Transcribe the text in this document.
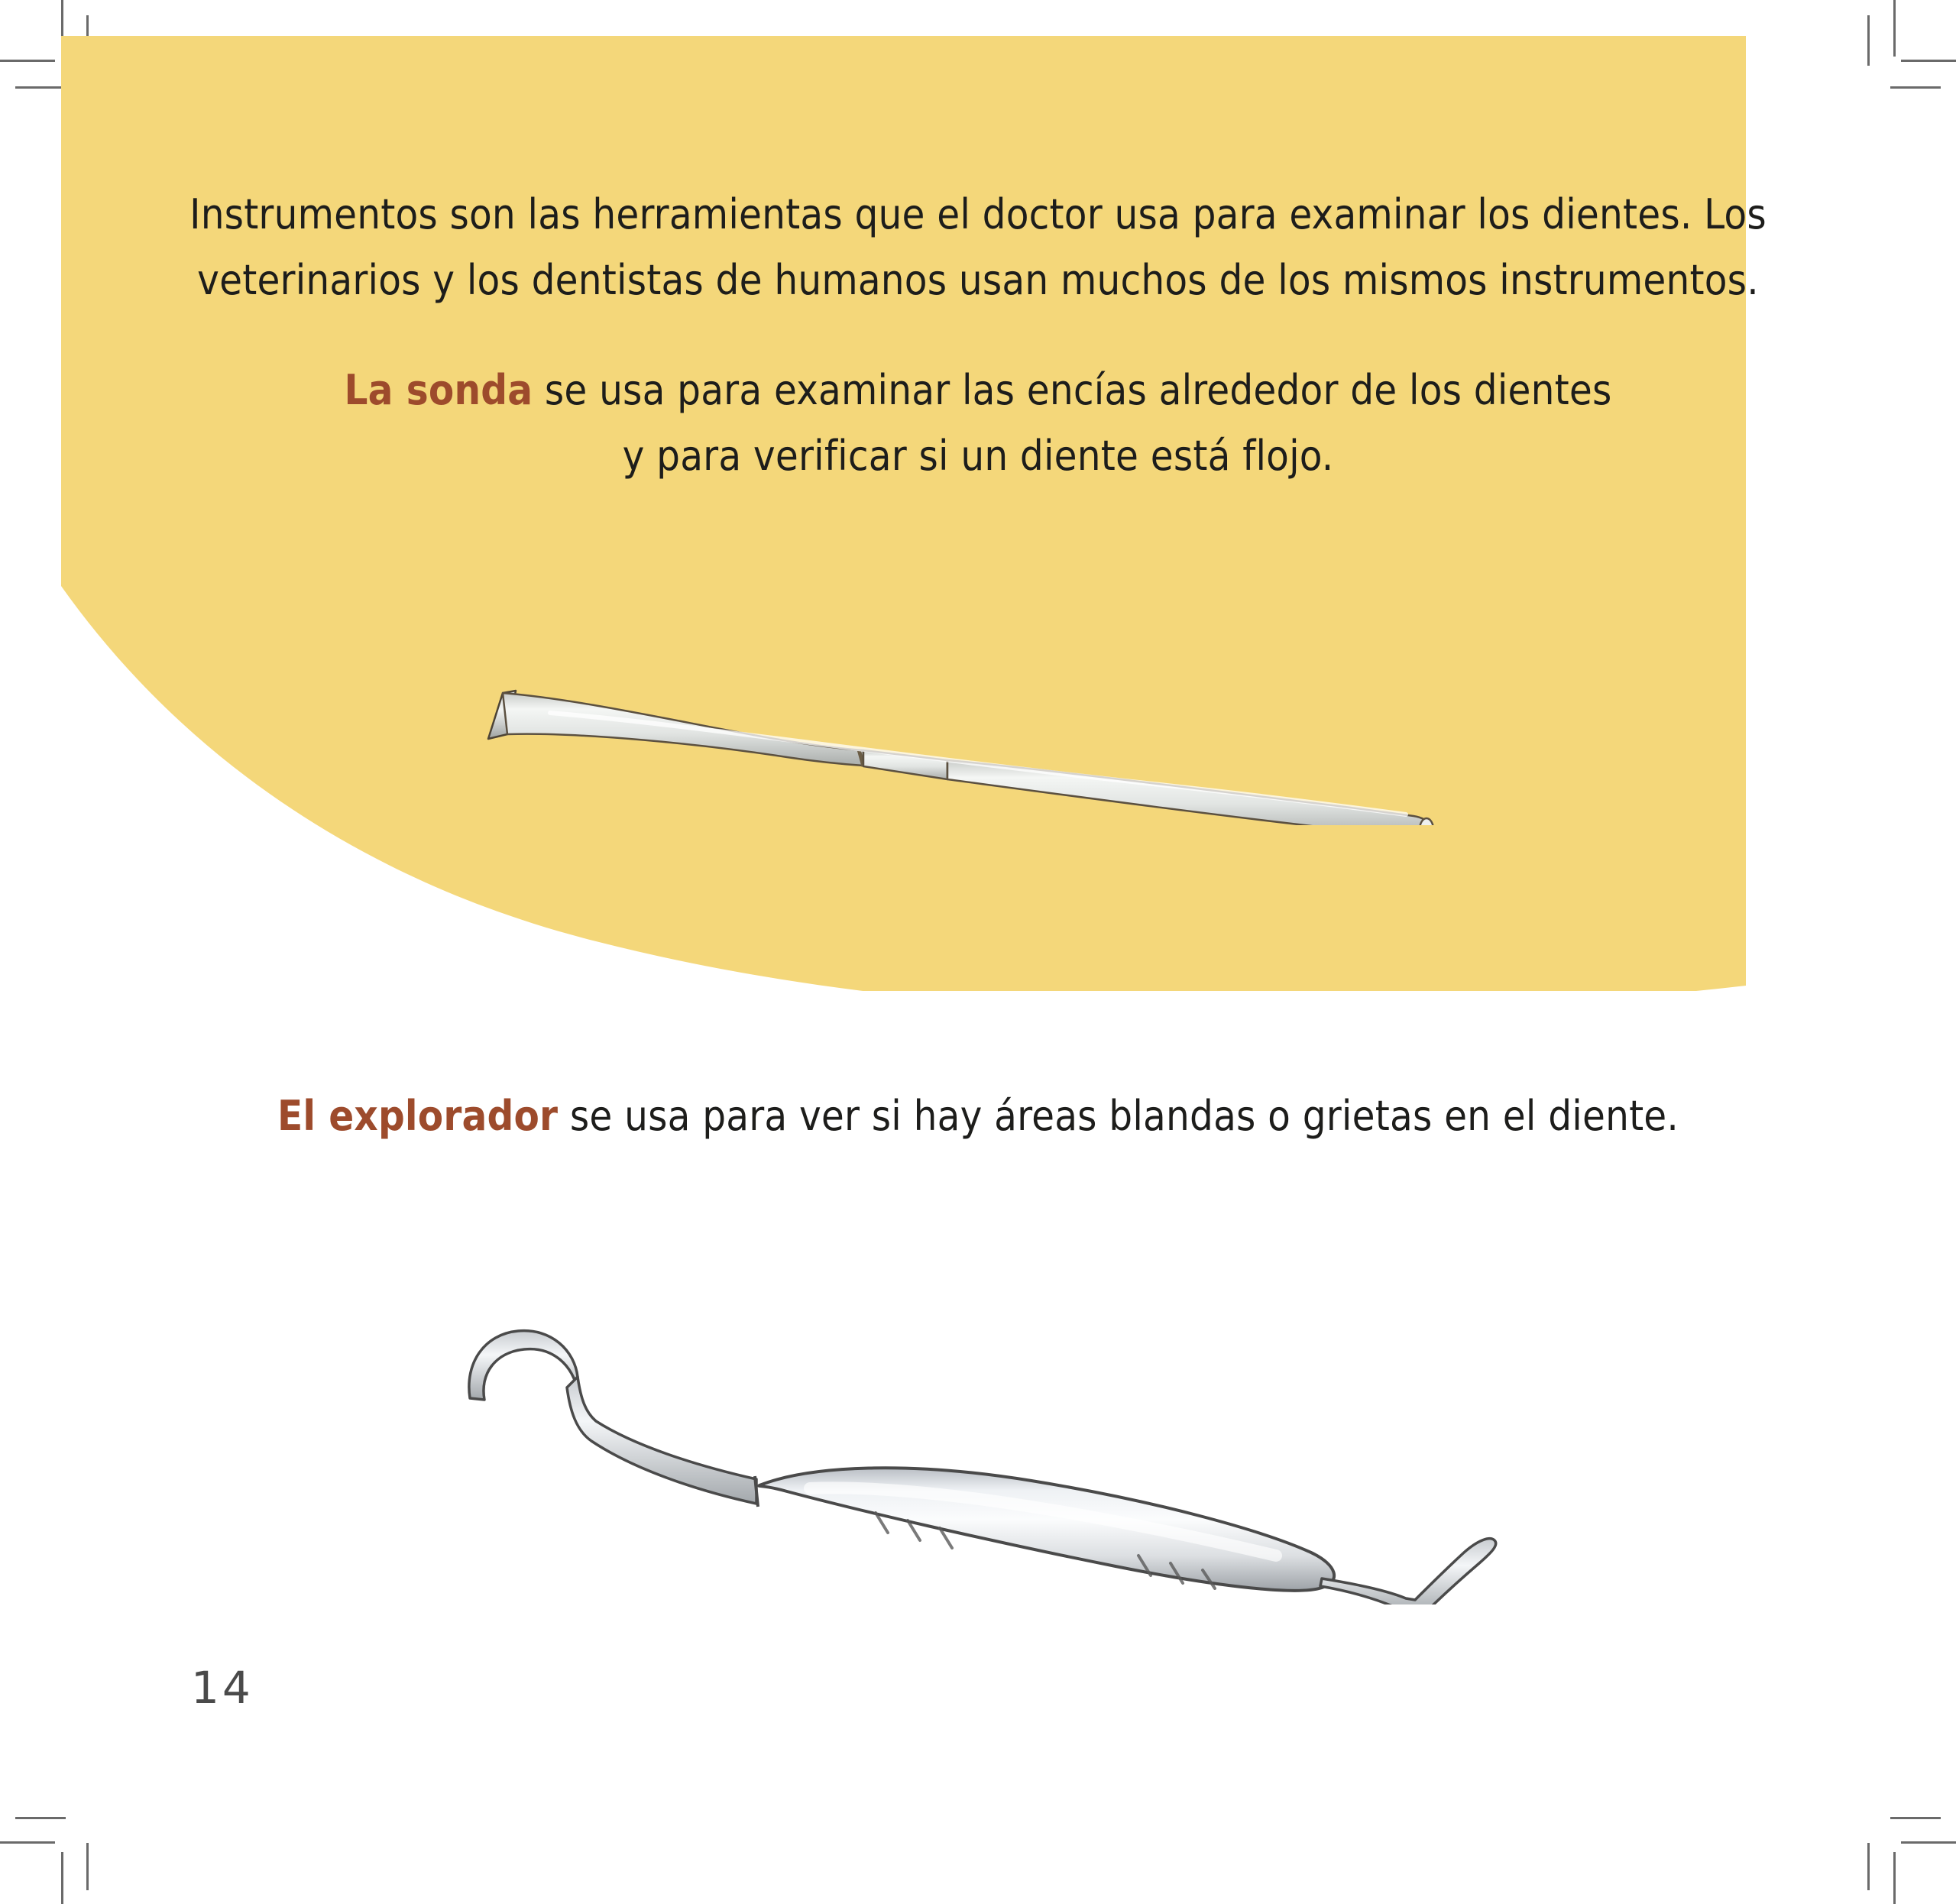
Instrumentos son las herramientas que el doctor usa para examinar los dientes. Los
veterinarios y los dentistas de humanos usan muchos de los mismos instrumentos.
La sonda se usa para examinar las encías alrededor de los dientes
y para verificar si un diente está flojo.
El explorador se usa para ver si hay áreas blandas o grietas en el diente.
14
